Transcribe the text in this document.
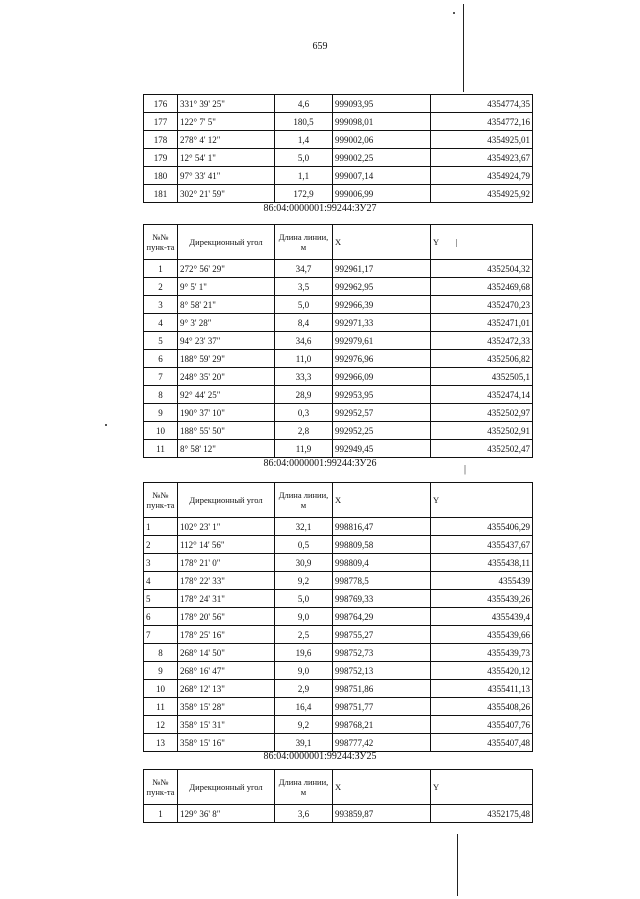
659
176	331° 39' 25"	4,6	999093,95	4354774,35
177	122° 7' 5"	180,5	999098,01	4354772,16
178	278° 4' 12"	1,4	999002,06	4354925,01
179	12° 54' 1"	5,0	999002,25	4354923,67
180	97° 33' 41"	1,1	999007,14	4354924,79
181	302° 21' 59"	172,9	999006,99	4354925,92
86:04:0000001:99244:ЗУ27
№№ пунк-та	Дирекционный угол	Длина линии, м	X	Y        |
1	272° 56' 29"	34,7	992961,17	4352504,32
2	9° 5' 1"	3,5	992962,95	4352469,68
3	8° 58' 21"	5,0	992966,39	4352470,23
4	9° 3' 28"	8,4	992971,33	4352471,01
5	94° 23' 37"	34,6	992979,61	4352472,33
6	188° 59' 29"	11,0	992976,96	4352506,82
7	248° 35' 20"	33,3	992966,09	4352505,1
8	92° 44' 25"	28,9	992953,95	4352474,14
9	190° 37' 10"	0,3	992952,57	4352502,97
10	188° 55' 50"	2,8	992952,25	4352502,91
11	8° 58' 12"	11,9	992949,45	4352502,47
86:04:0000001:99244:ЗУ26
|
№№ пунк-та	Дирекционный угол	Длина линии, м	X	Y
1	102° 23' 1"	32,1	998816,47	4355406,29
2	112° 14' 56"	0,5	998809,58	4355437,67
3	178° 21' 0"	30,9	998809,4	4355438,11
4	178° 22' 33"	9,2	998778,5	4355439
5	178° 24' 31"	5,0	998769,33	4355439,26
6	178° 20' 56"	9,0	998764,29	4355439,4
7	178° 25' 16"	2,5	998755,27	4355439,66
8	268° 14' 50"	19,6	998752,73	4355439,73
9	268° 16' 47"	9,0	998752,13	4355420,12
10	268° 12' 13"	2,9	998751,86	4355411,13
11	358° 15' 28"	16,4	998751,77	4355408,26
12	358° 15' 31"	9,2	998768,21	4355407,76
13	358° 15' 16"	39,1	998777,42	4355407,48
86:04:0000001:99244:ЗУ25
№№ пунк-та	Дирекционный угол	Длина линии, м	X	Y
1	129° 36' 8"	3,6	993859,87	4352175,48
